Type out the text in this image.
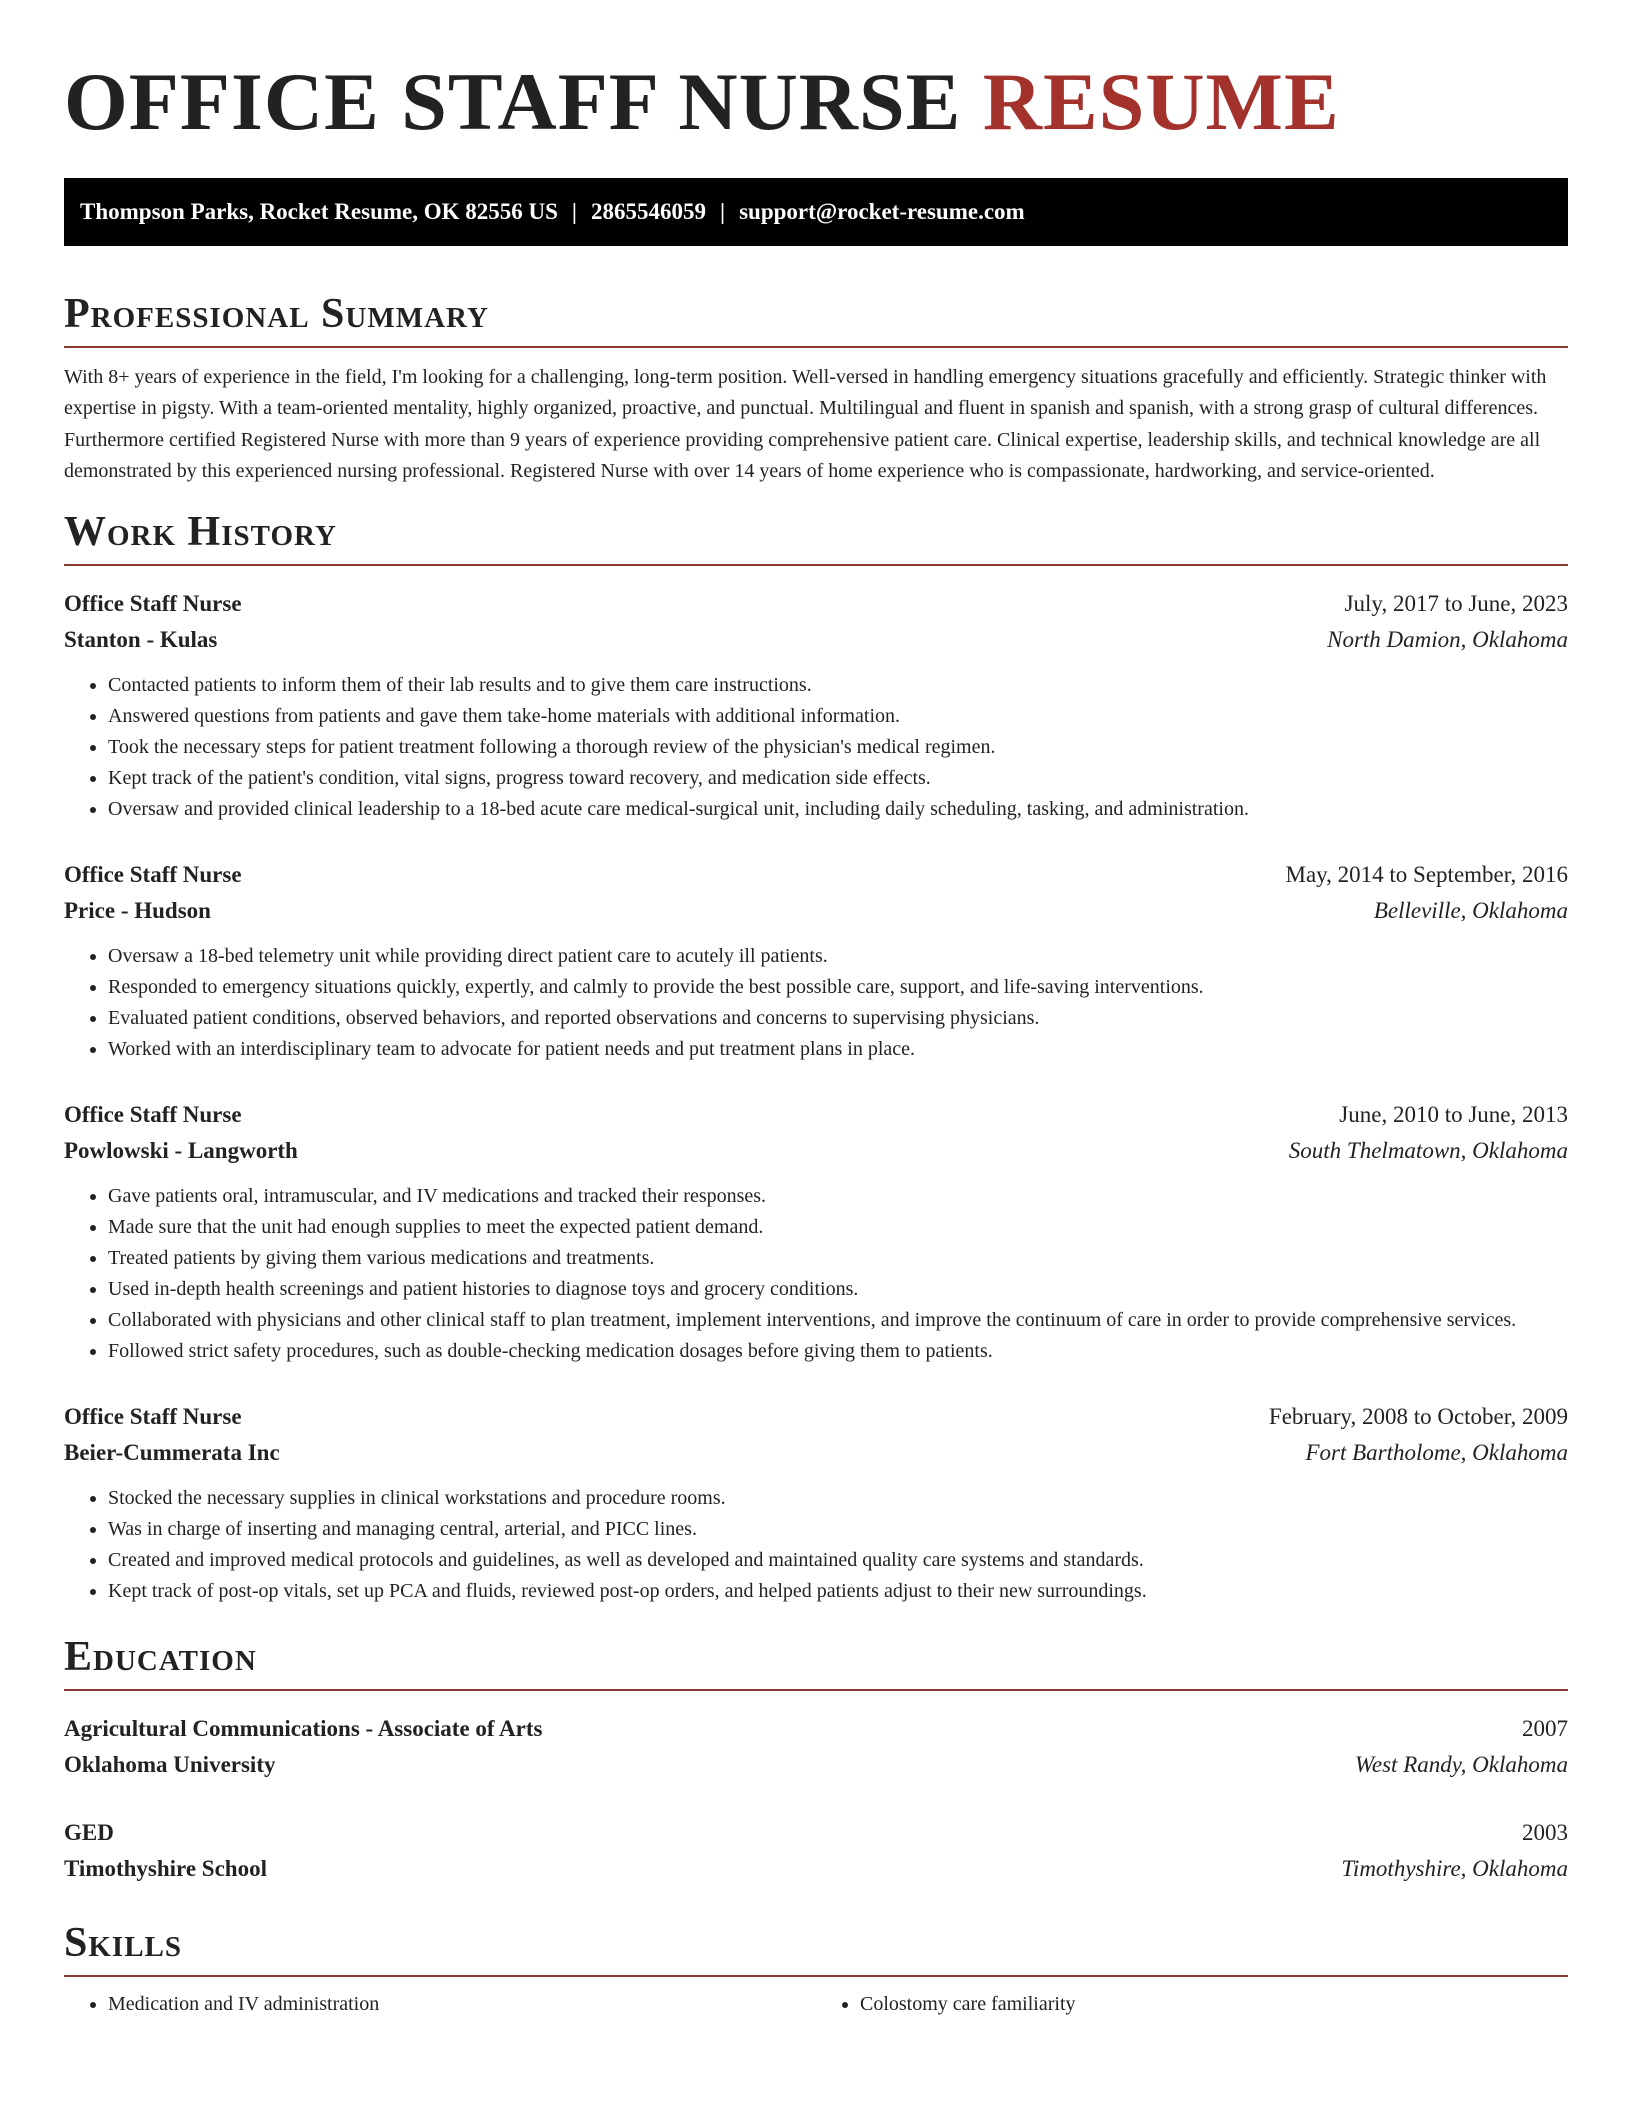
OFFICE STAFF NURSE RESUME
Thompson Parks, Rocket Resume, OK 82556 US | 2865546059 | support@rocket-resume.com
Professional Summary

With 8+ years of experience in the field, I'm looking for a challenging, long-term position. Well-versed in handling emergency situations gracefully and efficiently. Strategic thinker with expertise in pigsty. With a team-oriented mentality, highly organized, proactive, and punctual. Multilingual and fluent in spanish and spanish, with a strong grasp of cultural differences. Furthermore certified Registered Nurse with more than 9 years of experience providing comprehensive patient care. Clinical expertise, leadership skills, and technical knowledge are all demonstrated by this experienced nursing professional. Registered Nurse with over 14 years of home experience who is compassionate, hardworking, and service-oriented.

Work History
Office Staff Nurse	July, 2017 to June, 2023
Stanton - Kulas	North Damion, Oklahoma
• Contacted patients to inform them of their lab results and to give them care instructions.
• Answered questions from patients and gave them take-home materials with additional information.
• Took the necessary steps for patient treatment following a thorough review of the physician's medical regimen.
• Kept track of the patient's condition, vital signs, progress toward recovery, and medication side effects.
• Oversaw and provided clinical leadership to a 18-bed acute care medical-surgical unit, including daily scheduling, tasking, and administration.
Office Staff Nurse	May, 2014 to September, 2016
Price - Hudson	Belleville, Oklahoma
• Oversaw a 18-bed telemetry unit while providing direct patient care to acutely ill patients.
• Responded to emergency situations quickly, expertly, and calmly to provide the best possible care, support, and life-saving interventions.
• Evaluated patient conditions, observed behaviors, and reported observations and concerns to supervising physicians.
• Worked with an interdisciplinary team to advocate for patient needs and put treatment plans in place.
Office Staff Nurse	June, 2010 to June, 2013
Powlowski - Langworth	South Thelmatown, Oklahoma
• Gave patients oral, intramuscular, and IV medications and tracked their responses.
• Made sure that the unit had enough supplies to meet the expected patient demand.
• Treated patients by giving them various medications and treatments.
• Used in-depth health screenings and patient histories to diagnose toys and grocery conditions.
• Collaborated with physicians and other clinical staff to plan treatment, implement interventions, and improve the continuum of care in order to provide comprehensive services.
• Followed strict safety procedures, such as double-checking medication dosages before giving them to patients.
Office Staff Nurse	February, 2008 to October, 2009
Beier-Cummerata Inc	Fort Bartholome, Oklahoma
• Stocked the necessary supplies in clinical workstations and procedure rooms.
• Was in charge of inserting and managing central, arterial, and PICC lines.
• Created and improved medical protocols and guidelines, as well as developed and maintained quality care systems and standards.
• Kept track of post-op vitals, set up PCA and fluids, reviewed post-op orders, and helped patients adjust to their new surroundings.
Education
Agricultural Communications - Associate of Arts	2007
Oklahoma University	West Randy, Oklahoma
GED	2003
Timothyshire School	Timothyshire, Oklahoma
Skills
• Medication and IV administration
•	Colostomy care familiarity
